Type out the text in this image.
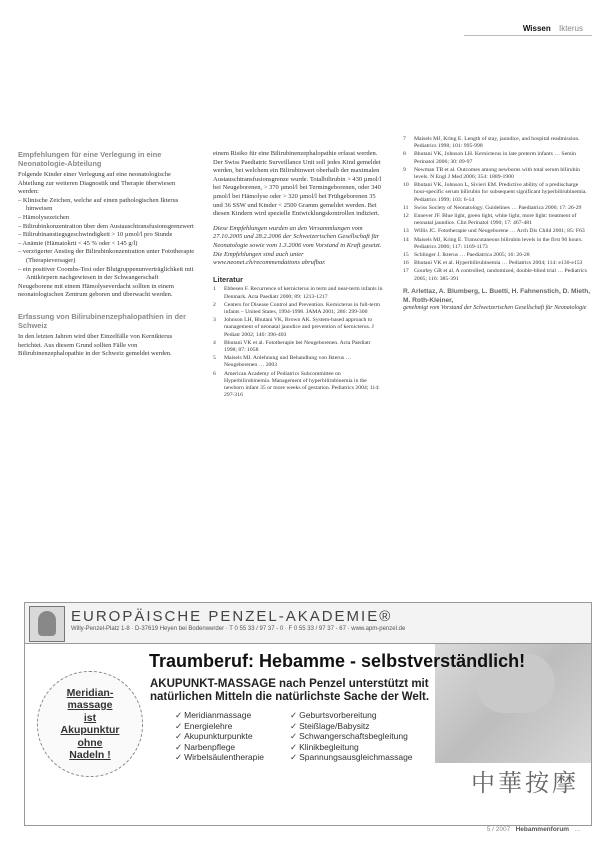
Wissen Ikterus
Empfehlungen für eine Verlegung in eine Neonatologie-Abteilung

Folgende Kinder einer Verlegung auf eine neonatologische Abteilung zur weiteren Diagnostik und Therapie überwiesen werden:

– Klinische Zeichen, welche auf einen pathologischen Ikterus hinweisen
– Hämolysezeichen
– Bilirubinkonzentration über dem Austauschtransfusionsgrenzwert
– Bilirubinanstiegsgeschwindigkeit > 10 µmol/l pro Stunde
– Anämie (Hämatokrit < 45 % oder < 145 g/l)
– verzögerter Anstieg der Bilirubinkonzentration unter Fototherapie (Therapieversager)
– ein positiver Coombs-Test oder Blutgruppenunverträglichkeit mit Antikörpern nachgewiesen in der Schwangerschaft

Neugeborene mit einem Hämolyseverdacht sollten in einem neonatologischen Zentrum geboren und überwacht werden.

Erfassung von Bilirubinenzephalopathien in der Schweiz

In den letzten Jahren wird über Einzelfälle von Kernikterus berichtet. Aus diesem Grund sollten Fälle von Bilirubinenzephalopathie in der Schweiz gemeldet werden.

einem Risiko für eine Bilirubinenzephalopathie erfasst werden. Der Swiss Paediatric Surveillance Unit soll jedes Kind gemeldet werden, bei welchem ein Bilirubinwert oberhalb der maximalen Austauschtransfusionsgrenze wurde. Totalbilirubin > 430 µmol/l bei Neugeborenen, > 370 µmol/l bei Termingeborenen, oder 340 µmol/l bei Hämolyse oder > 320 µmol/l bei Frühgeborenen 35 und 36 SSW und Kinder < 2500 Gramm gemeldet werden. Bei diesen Kindern wird spezielle Entwicklungskontrollen indiziert.

Diese Empfehlungen wurden an den Versammlungen vom 27.10.2005 und 28.2.2006 der Schweizerischen Gesellschaft für Neonatologie sowie vom 1.3.2006 vom Vorstand in Kraft gesetzt. Die Empfehlungen sind auch unter www.neonet.ch/recommendations abrufbar.

Literatur
1	Ebbesen F. Recurrence of kernicterus in term and near-term infants in Denmark. Acta Paediatr 2000; 89: 1213-1217
2	Centers for Disease Control and Prevention. Kernicterus in full-term infants – United States, 1994-1998. JAMA 2001; 286: 299-300
3	Johnson LH, Bhutani VK, Brown AK. System-based approach to management of neonatal jaundice and prevention of kernicterus. J Pediatr 2002; 140: 396-403
4	Bhutani VK et al. Fototherapie bei Neugeborenen. Acta Paediatr 1998; 87: 1058
5	Maisels MJ. Anlehnung und Behandlung von Ikterus … Neugeborenen … 2003
6	American Academy of Pediatrics Subcommittee on Hyperbilirubinemia. Management of hyperbilirubinemia in the newborn infant 35 or more weeks of gestation. Pediatrics 2004; 114: 297-316
7	Maisels MJ, Kring E. Length of stay, jaundice, and hospital readmission. Pediatrics 1998; 101: 995-998
8	Bhutani VK, Johnson LH. Kernicterus in late preterm infants … Semin Perinatol 2006; 30: 89-97
9	Newman TB et al. Outcomes among newborns with total serum bilirubin levels. N Engl J Med 2006; 354: 1889-1900
10 Bhutani VK, Johnson L, Sivieri EM. Predictive ability of a predischarge hour-specific serum bilirubin for subsequent significant hyperbilirubinemia. Pediatrics 1999; 103: 6-14
11 Swiss Society of Neonatology. Guidelines … Paediatrica 2006; 17: 26-29
12 Ennever JF. Blue light, green light, white light, more light: treatment of neonatal jaundice. Clin Perinatol 1990; 17: 467-481
13 Willis JC. Fototherapie und Neugeborene … Arch Dis Child 2001; 85: F63
14 Maisels MJ, Kring E. Transcutaneous bilirubin levels in the first 96 hours. Pediatrics 2006; 117: 1169-1173
15 Schlinger J. Ikterus … Paediatrica 2005; 16: 26-28
16 Bhutani VK et al. Hyperbilirubinemia … Pediatrics 2004; 114: e130-e153
17 Gourley GR et al. A controlled, randomized, double-blind trial … Pediatrics 2005; 116: 385-391
R. Arlettaz, A. Blumberg, L. Buetti, H. Fahnenstich, D. Mieth, M. Roth-Kleiner,
genehmigt vom Vorstand der Schweizerischen Gesellschaft für Neonatologie
EUROPÄISCHE PENZEL-AKADEMIE®
Willy-Penzel-Platz 1-8 · D-37619 Heyen bei Bodenwerder · T 0 55 33 / 97 37 - 0 · F 0 55 33 / 97 37 - 67 · www.apm-penzel.de
Traumberuf: Hebamme - selbstverständlich!
AKUPUNKT-MASSAGE nach Penzel unterstützt mit natürlichen Mitteln die natürlichste Sache der Welt.
Meridian-
massage
ist
Akupunktur
ohne
Nadeln !
✓ Meridianmassage	✓ Geburtsvorbereitung
✓ Energielehre	✓ Steißlage/Babysitz
✓ Akupunkturpunkte	✓ Schwangerschaftsbegleitung
✓ Narbenpflege	✓ Klinikbegleitung
✓ Wirbelsäulentherapie	✓ Spannungsausgleichmassage
中華按摩
5 / 2007 Hebammenforum …
